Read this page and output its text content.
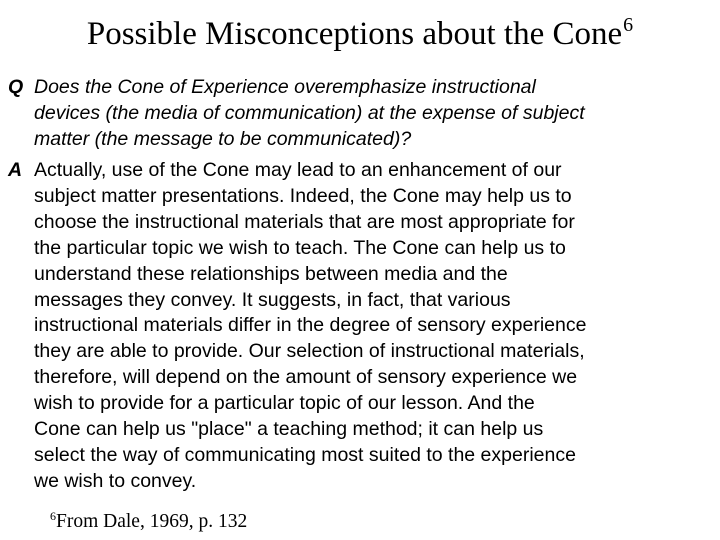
Possible Misconceptions about the Cone$^6$
Q Does the Cone of Experience overemphasize instructional
devices (the media of communication) at the expense of subject
matter (the message to be communicated)?
A Actually, use of the Cone may lead to an enhancement of our
subject matter presentations. Indeed, the Cone may help us to
choose the instructional materials that are most appropriate for
the particular topic we wish to teach. The Cone can help us to
understand these relationships between media and the
messages they convey. It suggests, in fact, that various
instructional materials differ in the degree of sensory experience
they are able to provide. Our selection of instructional materials,
therefore, will depend on the amount of sensory experience we
wish to provide for a particular topic of our lesson. And the
Cone can help us "place" a teaching method; it can help us
select the way of communicating most suited to the experience
we wish to convey.
$^6$From Dale, 1969, p. 132
